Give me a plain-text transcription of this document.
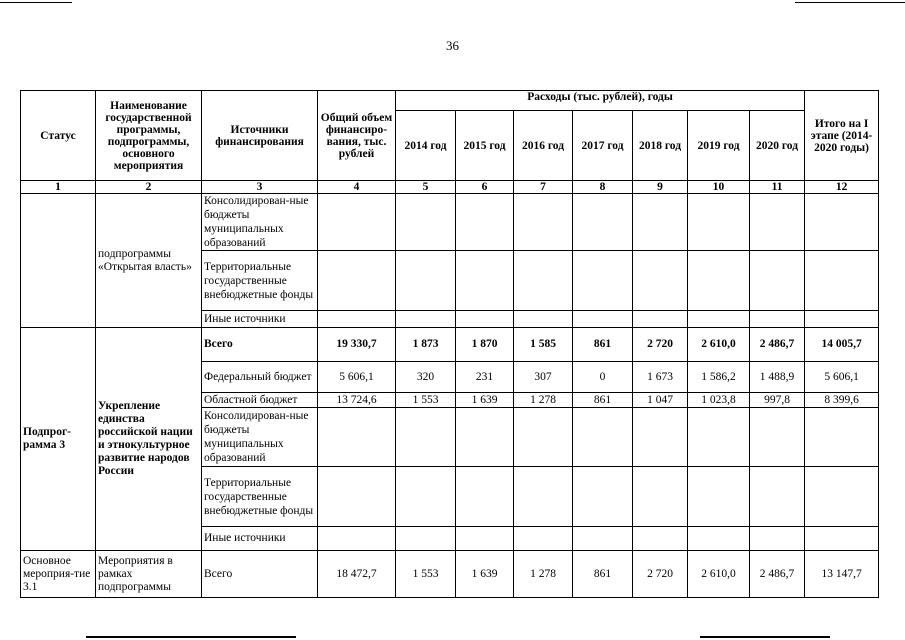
36
Статус	Наименование государственной программы, подпрограммы, основного мероприятия	Источники финансирования	Общий объем финансиро-вания, тыс. рублей	Расходы (тыс. рублей), годы							Итого на I этапе (2014-2020 годы)
				2014 год	2015 год	2016 год	2017 год	2018 год	2019 год	2020 год	
1	2	3	4	5	6	7	8	9	10	11	12
	подпрограммы «Открытая власть»	Консолидирован-ные бюджеты муниципальных образований									
		Территориальные государственные внебюджетные фонды									
		Иные источники									
Подпрог-рамма 3	Укрепление единства российской нации и этнокультурное развитие народов России	Всего	19 330,7	1 873	1 870	1 585	861	2 720	2 610,0	2 486,7	14 005,7
		Федеральный бюджет	5 606,1	320	231	307	0	1 673	1 586,2	1 488,9	5 606,1
		Областной бюджет	13 724,6	1 553	1 639	1 278	861	1 047	1 023,8	997,8	8 399,6
		Консолидирован-ные бюджеты муниципальных образований									
		Территориальные государственные внебюджетные фонды									
		Иные источники									
Основное мероприя-тие 3.1	Мероприятия в рамках подпрограммы	Всего	18 472,7	1 553	1 639	1 278	861	2 720	2 610,0	2 486,7	13 147,7
